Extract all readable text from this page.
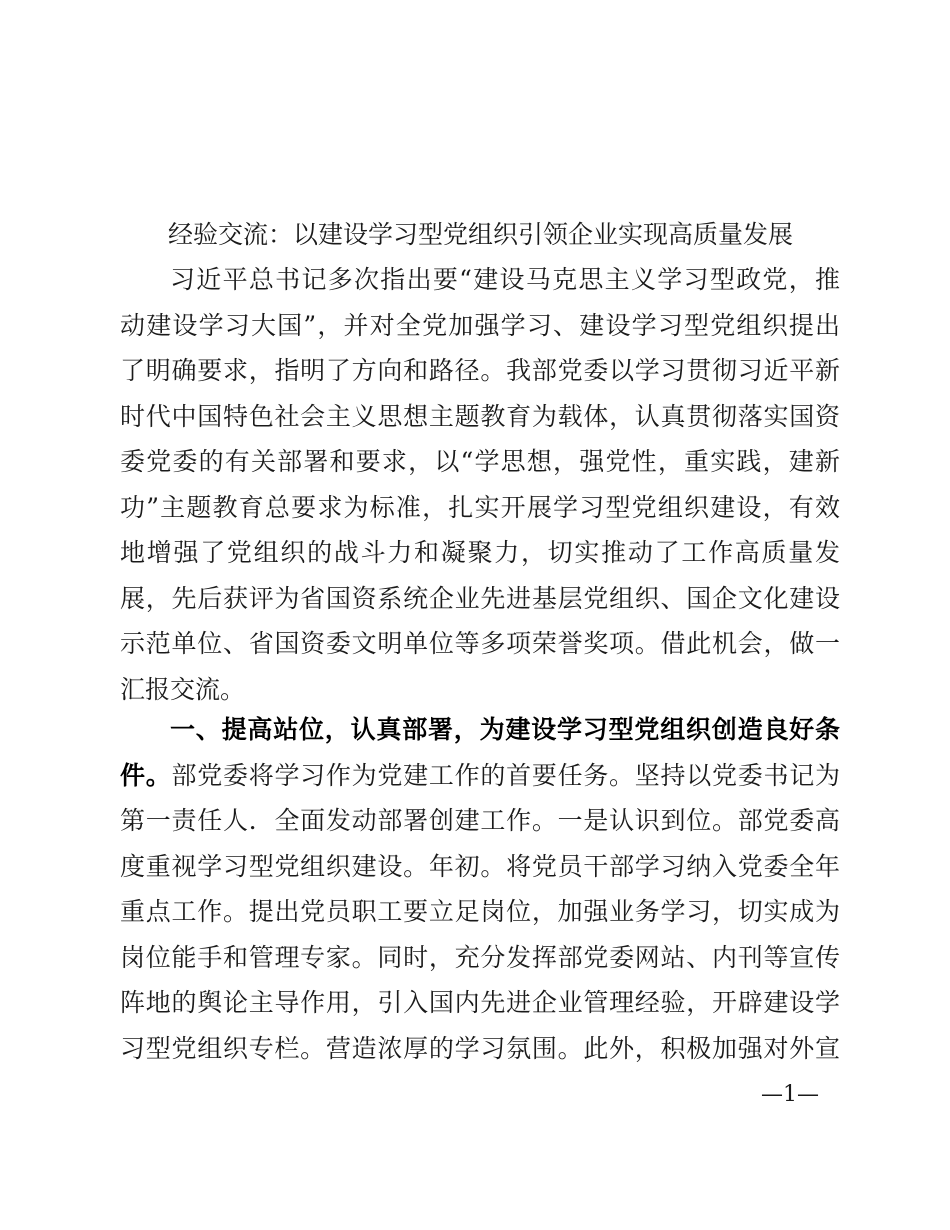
经验交流：以建设学习型党组织引领企业实现高质量发展
习近平总书记多次指出要“建设马克思主义学习型政党，推
动建设学习大国”，并对全党加强学习、建设学习型党组织提出
了明确要求，指明了方向和路径。我部党委以学习贯彻习近平新
时代中国特色社会主义思想主题教育为载体，认真贯彻落实国资
委党委的有关部署和要求，以“学思想，强党性，重实践，建新
功”主题教育总要求为标准，扎实开展学习型党组织建设，有效
地增强了党组织的战斗力和凝聚力，切实推动了工作高质量发
展，先后获评为省国资系统企业先进基层党组织、国企文化建设
示范单位、省国资委文明单位等多项荣誉奖项。借此机会，做一
汇报交流。
一、提高站位，认真部署，为建设学习型党组织创造良好条
件。部党委将学习作为党建工作的首要任务。坚持以党委书记为
第一责任人．全面发动部署创建工作。一是认识到位。部党委高
度重视学习型党组织建设。年初。将党员干部学习纳入党委全年
重点工作。提出党员职工要立足岗位，加强业务学习，切实成为
岗位能手和管理专家。同时，充分发挥部党委网站、内刊等宣传
阵地的舆论主导作用，引入国内先进企业管理经验，开辟建设学
习型党组织专栏。营造浓厚的学习氛围。此外，积极加强对外宣
—1—
